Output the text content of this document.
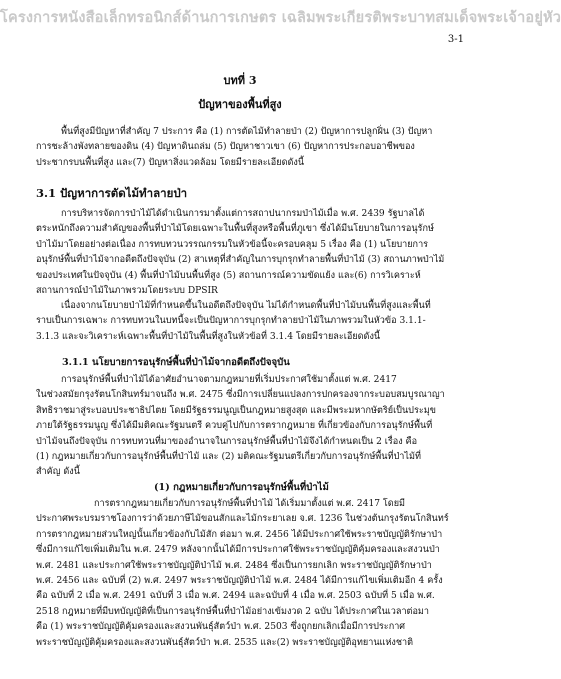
โครงการหนังสือเล็กทรอนิกส์ด้านการเกษตร เฉลิมพระเกียรติพระบาทสมเด็จพระเจ้าอยู่หัว
3-1
บทที่ 3
ปัญหาของพื้นที่สูง
พื้นที่สูงมีปัญหาที่สำคัญ 7 ประการ คือ (1) การตัดไม้ทำลายป่า (2) ปัญหาการปลูกฝิ่น (3) ปัญหา
การชะล้างพังทลายของดิน (4) ปัญหาดินถล่ม (5) ปัญหาชาวเขา (6) ปัญหาการประกอบอาชีพของ
ประชากรบนพื้นที่สูง และ(7) ปัญหาสิ่งแวดล้อม โดยมีรายละเอียดดังนี้
3.1 ปัญหาการตัดไม้ทำลายป่า
การบริหารจัดการป่าไม้ได้ดำเนินการมาตั้งแต่การสถาปนากรมป่าไม้เมื่อ พ.ศ. 2439 รัฐบาลได้
ตระหนักถึงความสำคัญของพื้นที่ป่าไม้โดยเฉพาะในพื้นที่สูงหรือพื้นที่ภูเขา ซึ่งได้มีนโยบายในการอนุรักษ์
ป่าไม้มาโดยอย่างต่อเนื่อง การทบทวนวรรณกรรมในหัวข้อนี้จะครอบคลุม 5 เรื่อง คือ (1) นโยบายการ
อนุรักษ์พื้นที่ป่าไม้จากอดีตถึงปัจจุบัน (2) สาเหตุที่สำคัญในการบุกรุกทำลายพื้นที่ป่าไม้ (3) สถานภาพป่าไม้
ของประเทศในปัจจุบัน (4) พื้นที่ป่าไม้บนพื้นที่สูง (5) สถานการณ์ความขัดแย้ง และ(6) การวิเคราะห์
สถานการณ์ป่าไม้ในภาพรวมโดยระบบ DPSIR
เนื่องจากนโยบายป่าไม้ที่กำหนดขึ้นในอดีตถึงปัจจุบัน ไม่ได้กำหนดพื้นที่ป่าไม้บนพื้นที่สูงและพื้นที่
ราบเป็นการเฉพาะ การทบทวนในบทนี้จะเป็นปัญหาการบุกรุกทำลายป่าไม้ในภาพรวมในหัวข้อ 3.1.1-
3.1.3 และจะวิเคราะห์เฉพาะพื้นที่ป่าไม้ในพื้นที่สูงในหัวข้อที่ 3.1.4 โดยมีรายละเอียดดังนี้
3.1.1 นโยบายการอนุรักษ์พื้นที่ป่าไม้จากอดีตถึงปัจจุบัน
การอนุรักษ์พื้นที่ป่าไม้ได้อาศัยอำนาจตามกฎหมายที่เริ่มประกาศใช้มาตั้งแต่ พ.ศ. 2417
ในช่วงสมัยกรุงรัตนโกสินทร์มาจนถึง พ.ศ. 2475 ซึ่งมีการเปลี่ยนแปลงการปกครองจากระบอบสมบูรณาญา
สิทธิราชมาสู่ระบอบประชาธิปไตย โดยมีรัฐธรรมนูญเป็นกฎหมายสูงสุด และมีพระมหากษัตริย์เป็นประมุข
ภายใต้รัฐธรรมนูญ ซึ่งได้มีมติคณะรัฐมนตรี ควบคู่ไปกับการตรากฎหมาย ที่เกี่ยวข้องกับการอนุรักษ์พื้นที่
ป่าไม้จนถึงปัจจุบัน การทบทวนที่มาของอำนาจในการอนุรักษ์พื้นที่ป่าไม้จึงได้กำหนดเป็น 2 เรื่อง คือ
(1) กฎหมายเกี่ยวกับการอนุรักษ์พื้นที่ป่าไม้ และ (2) มติคณะรัฐมนตรีเกี่ยวกับการอนุรักษ์พื้นที่ป่าไม้ที่
สำคัญ ดังนี้
(1) กฎหมายเกี่ยวกับการอนุรักษ์พื้นที่ป่าไม้
การตรากฎหมายเกี่ยวกับการอนุรักษ์พื้นที่ป่าไม้ ได้เริ่มมาตั้งแต่ พ.ศ. 2417 โดยมี
ประกาศพระบรมราชโองการว่าด้วยภาษีไม้ขอนสักและไม้กระยาเลย จ.ศ. 1236 ในช่วงต้นกรุงรัตนโกสินทร์
การตรากฎหมายส่วนใหญ่นั้นเกี่ยวข้องกับไม้สัก ต่อมา พ.ศ. 2456 ได้มีประกาศใช้พระราชบัญญัติรักษาป่า
ซึ่งมีการแก้ไขเพิ่มเติมใน พ.ศ. 2479 หลังจากนั้นได้มีการประกาศใช้พระราชบัญญัติคุ้มครองและสงวนป่า
พ.ศ. 2481 และประกาศใช้พระราชบัญญัติป่าไม้ พ.ศ. 2484 ซึ่งเป็นการยกเลิก พระราชบัญญัติรักษาป่า
พ.ศ. 2456 และ ฉบับที่ (2) พ.ศ. 2497 พระราชบัญญัติป่าไม้ พ.ศ. 2484 ได้มีการแก้ไขเพิ่มเติมอีก 4 ครั้ง
คือ ฉบับที่ 2 เมื่อ พ.ศ. 2491 ฉบับที่ 3 เมื่อ พ.ศ. 2494 และฉบับที่ 4 เมื่อ พ.ศ. 2503 ฉบับที่ 5 เมื่อ พ.ศ.
2518 กฎหมายที่มีบทบัญญัติที่เป็นการอนุรักษ์พื้นที่ป่าไม้อย่างเข้มงวด 2 ฉบับ ได้ประกาศในเวลาต่อมา
คือ (1) พระราชบัญญัติคุ้มครองและสงวนพันธุ์สัตว์ป่า พ.ศ. 2503 ซึ่งถูกยกเลิกเมื่อมีการประกาศ
พระราชบัญญัติคุ้มครองและสงวนพันธุ์สัตว์ป่า พ.ศ. 2535 และ(2) พระราชบัญญัติอุทยานแห่งชาติ
